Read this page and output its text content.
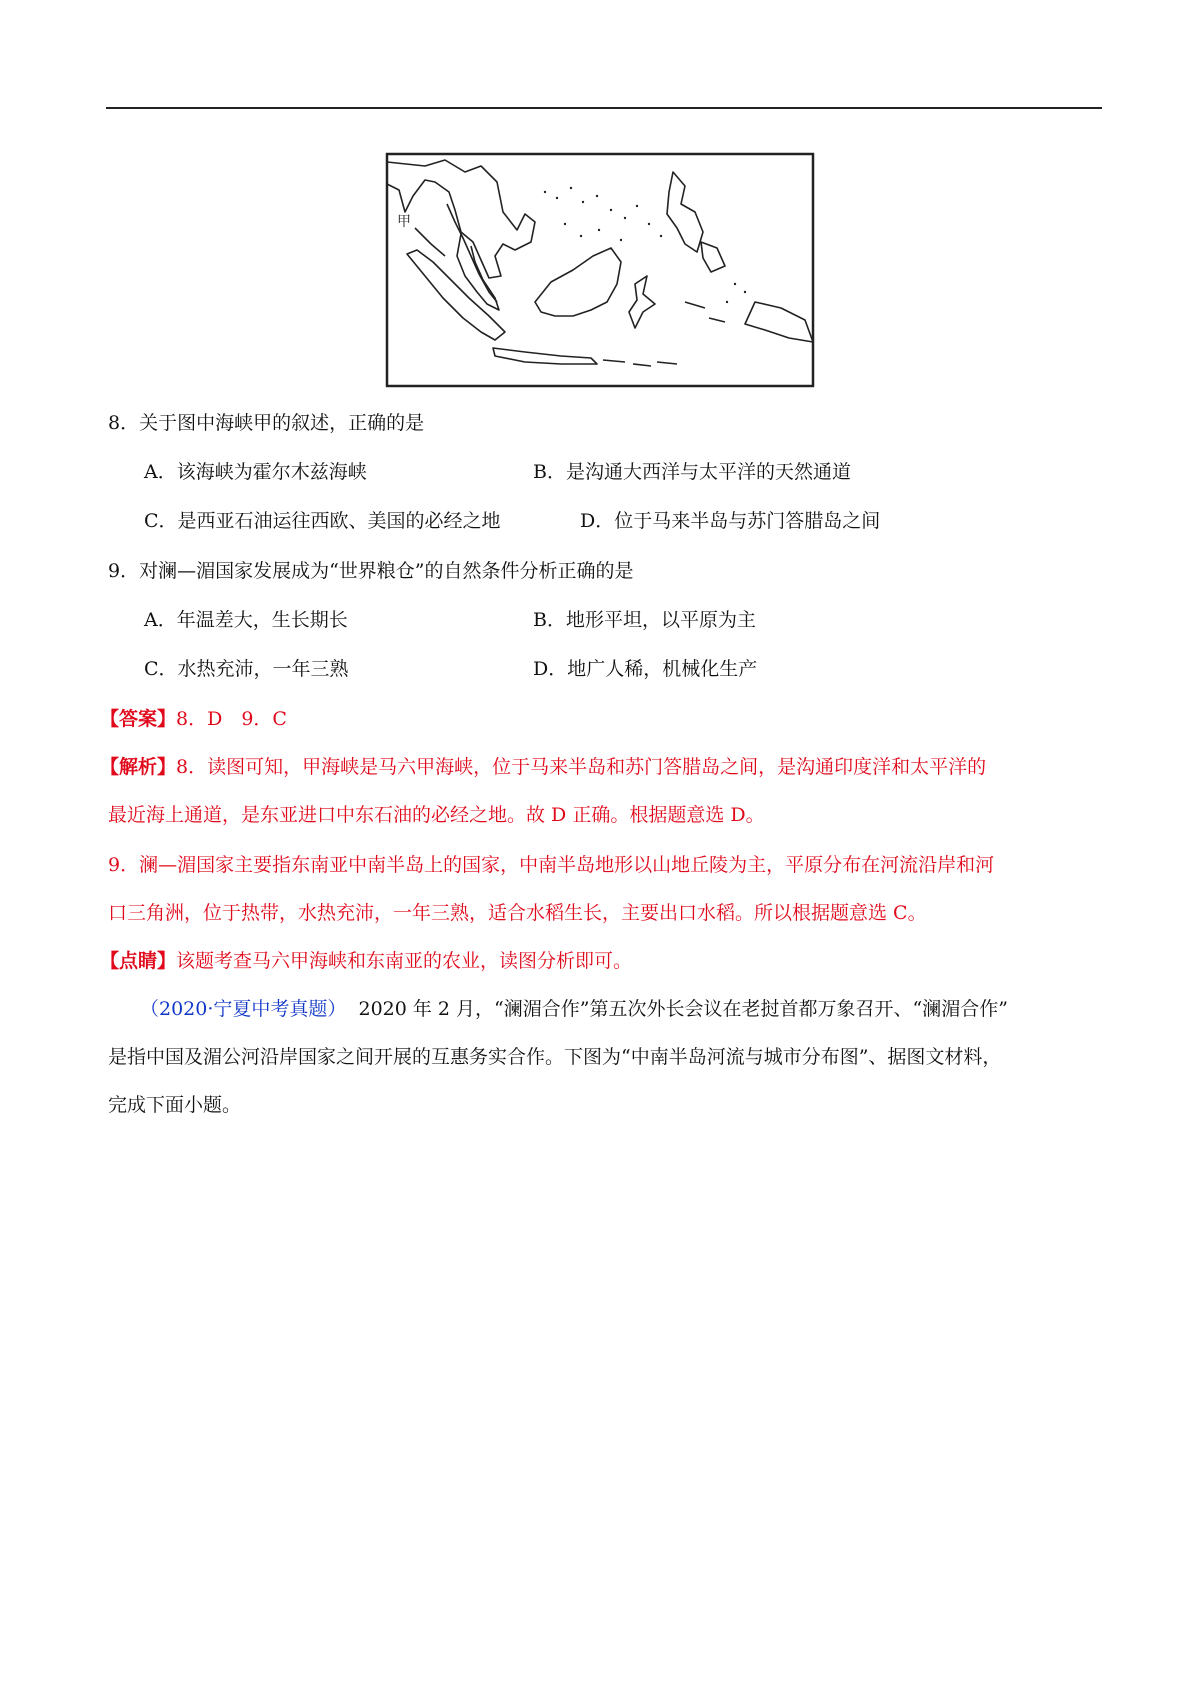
甲
8．关于图中海峡甲的叙述，正确的是
A．该海峡为霍尔木兹海峡	B．是沟通大西洋与太平洋的天然通道
C．是西亚石油运往西欧、美国的必经之地	D．位于马来半岛与苏门答腊岛之间
9．对澜—湄国家发展成为“世界粮仓”的自然条件分析正确的是
A．年温差大，生长期长	B．地形平坦，以平原为主
C．水热充沛，一年三熟	D．地广人稀，机械化生产
【答案】8．D　9．C
【解析】8．读图可知，甲海峡是马六甲海峡，位于马来半岛和苏门答腊岛之间，是沟通印度洋和太平洋的
最近海上通道，是东亚进口中东石油的必经之地。故 D 正确。根据题意选 D。
9．澜—湄国家主要指东南亚中南半岛上的国家，中南半岛地形以山地丘陵为主，平原分布在河流沿岸和河
口三角洲，位于热带，水热充沛，一年三熟，适合水稻生长，主要出口水稻。所以根据题意选 C。
【点睛】该题考查马六甲海峡和东南亚的农业，读图分析即可。
（2020·宁夏中考真题） 2020 年 2 月，“澜湄合作”第五次外长会议在老挝首都万象召开、“澜湄合作”
是指中国及湄公河沿岸国家之间开展的互惠务实合作。下图为“中南半岛河流与城市分布图”、据图文材料，
完成下面小题。
